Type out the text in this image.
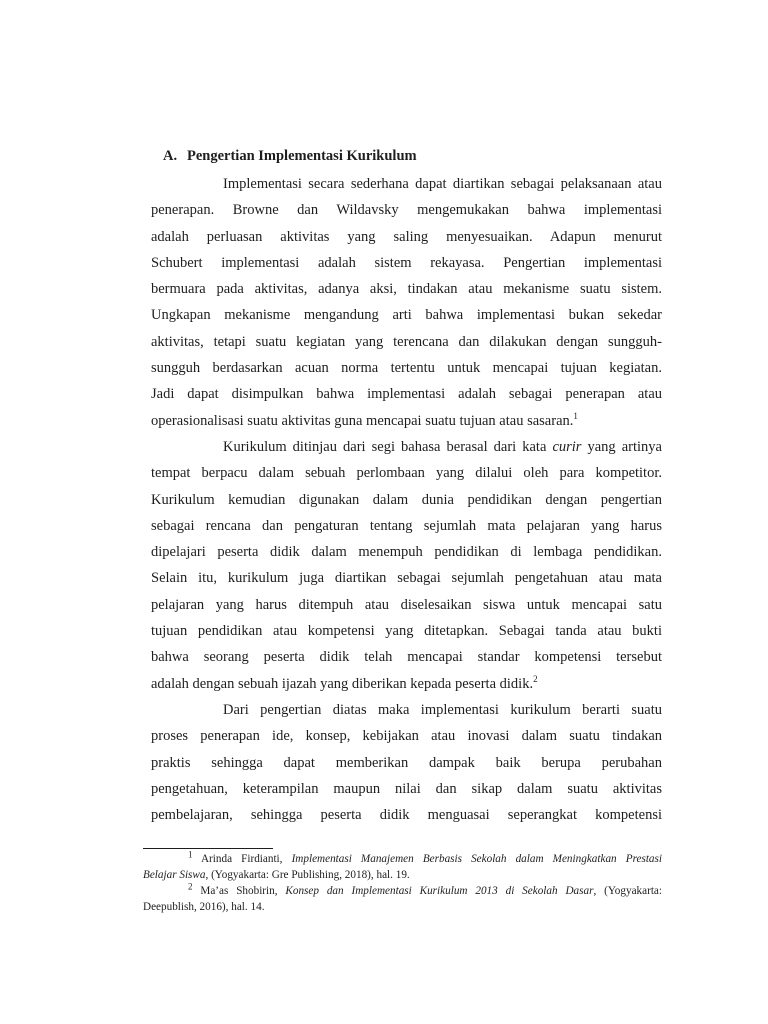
A. Pengertian Implementasi Kurikulum
Implementasi secara sederhana dapat diartikan sebagai pelaksanaan atau
penerapan. Browne dan Wildavsky mengemukakan bahwa implementasi
adalah perluasan aktivitas yang saling menyesuaikan. Adapun menurut
Schubert implementasi adalah sistem rekayasa. Pengertian implementasi
bermuara pada aktivitas, adanya aksi, tindakan atau mekanisme suatu sistem.
Ungkapan mekanisme mengandung arti bahwa implementasi bukan sekedar
aktivitas, tetapi suatu kegiatan yang terencana dan dilakukan dengan sungguh-
sungguh berdasarkan acuan norma tertentu untuk mencapai tujuan kegiatan.
Jadi dapat disimpulkan bahwa implementasi adalah sebagai penerapan atau
operasionalisasi suatu aktivitas guna mencapai suatu tujuan atau sasaran.$^1$
Kurikulum ditinjau dari segi bahasa berasal dari kata curir yang artinya
tempat berpacu dalam sebuah perlombaan yang dilalui oleh para kompetitor.
Kurikulum kemudian digunakan dalam dunia pendidikan dengan pengertian
sebagai rencana dan pengaturan tentang sejumlah mata pelajaran yang harus
dipelajari peserta didik dalam menempuh pendidikan di lembaga pendidikan.
Selain itu, kurikulum juga diartikan sebagai sejumlah pengetahuan atau mata
pelajaran yang harus ditempuh atau diselesaikan siswa untuk mencapai satu
tujuan pendidikan atau kompetensi yang ditetapkan. Sebagai tanda atau bukti
bahwa seorang peserta didik telah mencapai standar kompetensi tersebut
adalah dengan sebuah ijazah yang diberikan kepada peserta didik.$^2$
Dari pengertian diatas maka implementasi kurikulum berarti suatu
proses penerapan ide, konsep, kebijakan atau inovasi dalam suatu tindakan
praktis sehingga dapat memberikan dampak baik berupa perubahan
pengetahuan, keterampilan maupun nilai dan sikap dalam suatu aktivitas
pembelajaran, sehingga peserta didik menguasai seperangkat kompetensi
$^1$ Arinda Firdianti, Implementasi Manajemen Berbasis Sekolah dalam Meningkatkan Prestasi
Belajar Siswa, (Yogyakarta: Gre Publishing, 2018), hal. 19.
$^2$ Ma’as Shobirin, Konsep dan Implementasi Kurikulum 2013 di Sekolah Dasar, (Yogyakarta:
Deepublish, 2016), hal. 14.
